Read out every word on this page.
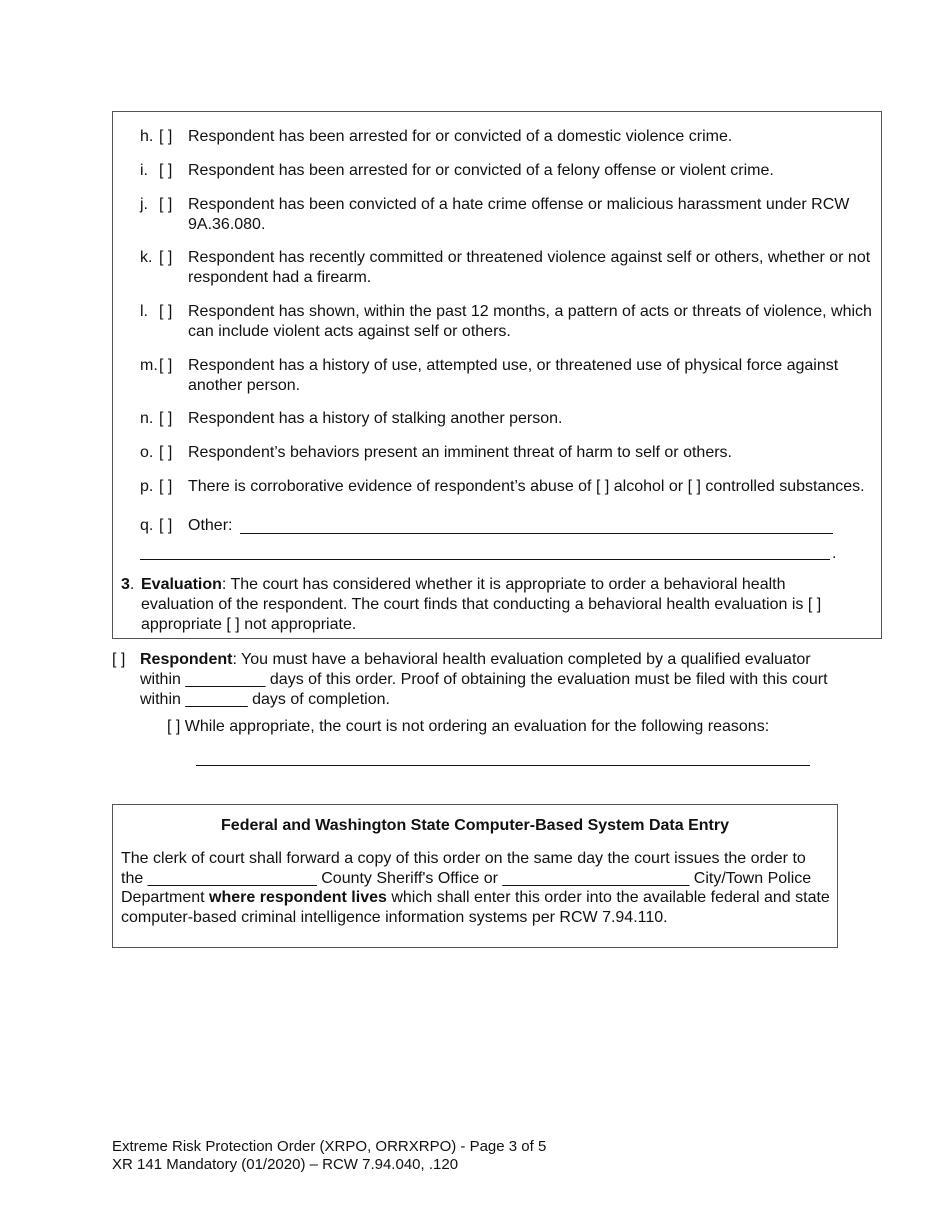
h. [ ] Respondent has been arrested for or convicted of a domestic violence crime.
i. [ ] Respondent has been arrested for or convicted of a felony offense or violent crime.
j. [ ] Respondent has been convicted of a hate crime offense or malicious harassment under RCW 9A.36.080.
k. [ ] Respondent has recently committed or threatened violence against self or others, whether or not respondent had a firearm.
l. [ ] Respondent has shown, within the past 12 months, a pattern of acts or threats of violence, which can include violent acts against self or others.
m. [ ] Respondent has a history of use, attempted use, or threatened use of physical force against another person.
n. [ ] Respondent has a history of stalking another person.
o. [ ] Respondent’s behaviors present an imminent threat of harm to self or others.
p. [ ] There is corroborative evidence of respondent’s abuse of [ ] alcohol or [ ] controlled substances.
q. [ ] Other:
.
3. Evaluation: The court has considered whether it is appropriate to order a behavioral health evaluation of the respondent. The court finds that conducting a behavioral health evaluation is [ ] appropriate [ ] not appropriate.
[ ] Respondent: You must have a behavioral health evaluation completed by a qualified evaluator within _________ days of this order. Proof of obtaining the evaluation must be filed with this court within _______ days of completion.
[ ] While appropriate, the court is not ordering an evaluation for the following reasons:
Federal and Washington State Computer-Based System Data Entry
The clerk of court shall forward a copy of this order on the same day the court issues the order to the ___________________ County Sheriff's Office or _____________________ City/Town Police Department where respondent lives which shall enter this order into the available federal and state computer-based criminal intelligence information systems per RCW 7.94.110.
Extreme Risk Protection Order (XRPO, ORRXRPO) - Page 3 of 5
XR 141 Mandatory (01/2020) – RCW 7.94.040, .120
